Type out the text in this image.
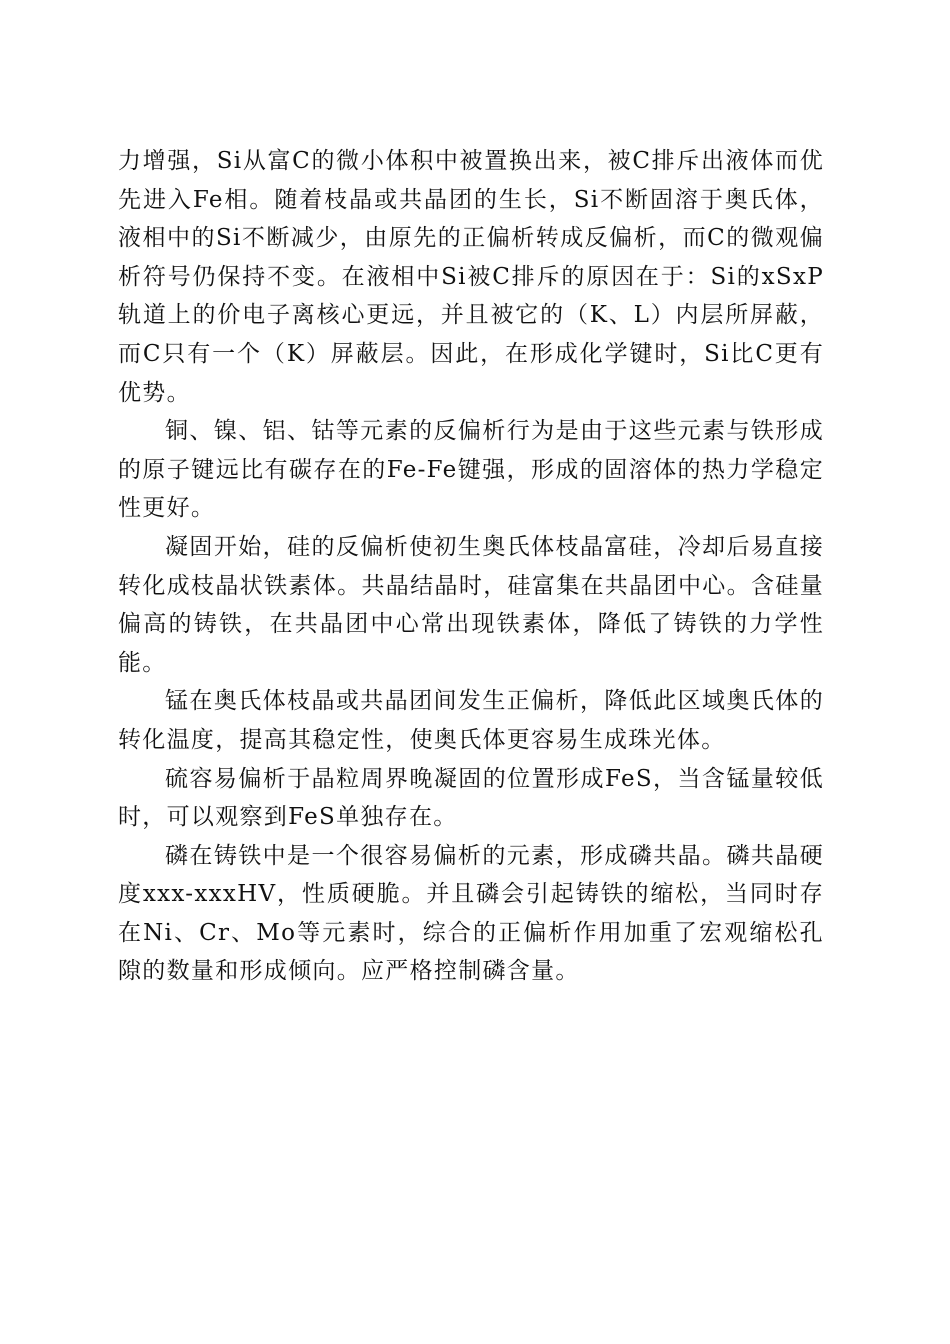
力增强，Si从富C的微小体积中被置换出来，被C排斥出液体而优先进入Fe相。随着枝晶或共晶团的生长，Si不断固溶于奥氏体，液相中的Si不断减少，由原先的正偏析转成反偏析，而C的微观偏析符号仍保持不变。在液相中Si被C排斥的原因在于：Si的xSxP轨道上的价电子离核心更远，并且被它的（K、L）内层所屏蔽，而C只有一个（K）屏蔽层。因此，在形成化学键时，Si比C更有优势。

铜、镍、铝、钴等元素的反偏析行为是由于这些元素与铁形成的原子键远比有碳存在的Fe-Fe键强，形成的固溶体的热力学稳定性更好。

凝固开始，硅的反偏析使初生奥氏体枝晶富硅，冷却后易直接转化成枝晶状铁素体。共晶结晶时，硅富集在共晶团中心。含硅量偏高的铸铁，在共晶团中心常出现铁素体，降低了铸铁的力学性能。

锰在奥氏体枝晶或共晶团间发生正偏析，降低此区域奥氏体的转化温度，提高其稳定性，使奥氏体更容易生成珠光体。

硫容易偏析于晶粒周界晚凝固的位置形成FeS，当含锰量较低时，可以观察到FeS单独存在。

磷在铸铁中是一个很容易偏析的元素，形成磷共晶。磷共晶硬度xxx-xxxHV，性质硬脆。并且磷会引起铸铁的缩松，当同时存在Ni、Cr、Mo等元素时，综合的正偏析作用加重了宏观缩松孔隙的数量和形成倾向。应严格控制磷含量。
